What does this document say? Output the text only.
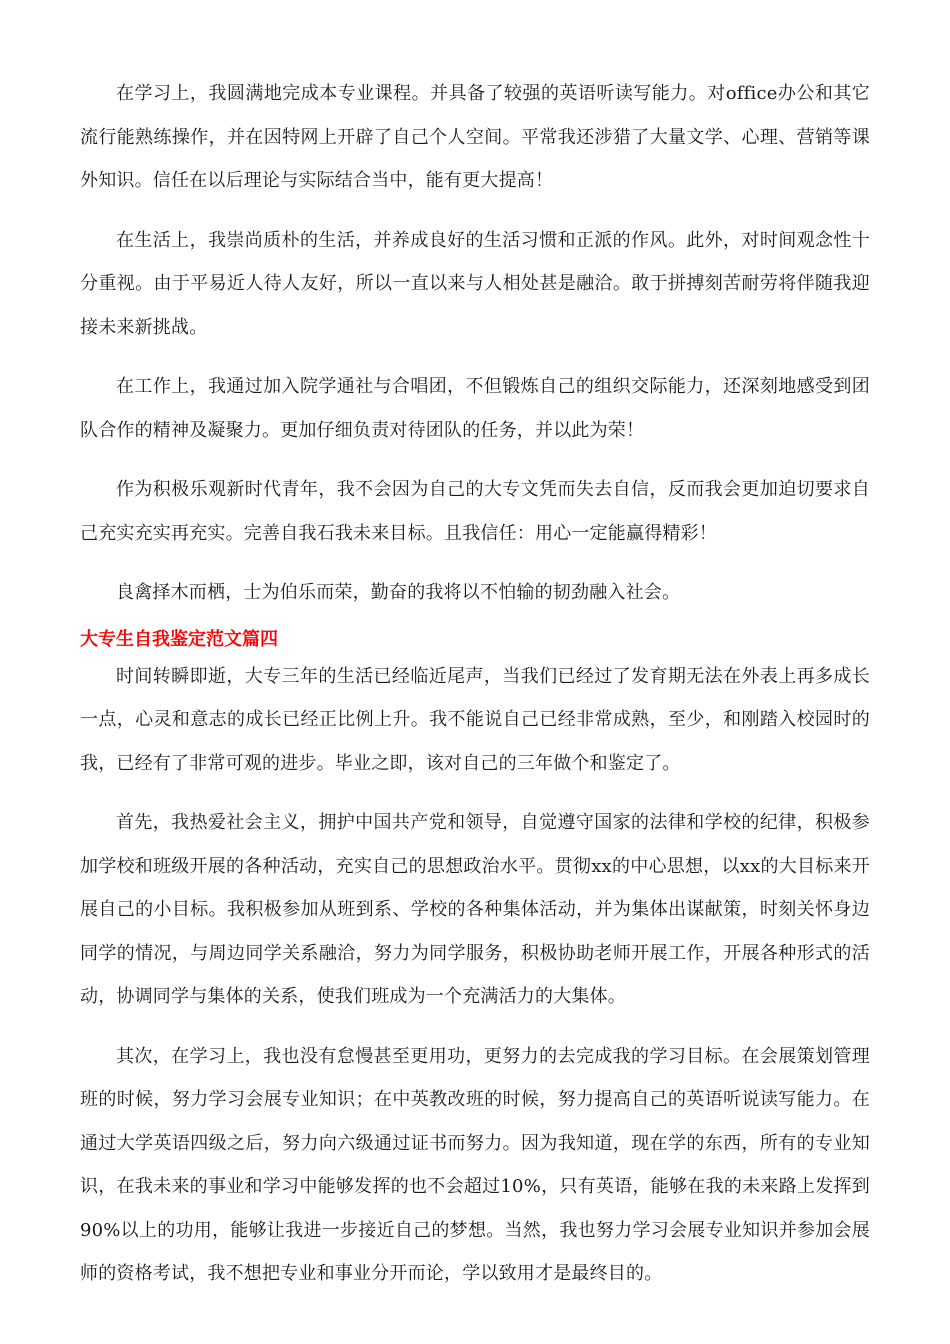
在学习上，我圆满地完成本专业课程。并具备了较强的英语听读写能力。对office办公和其它流行能熟练操作，并在因特网上开辟了自己个人空间。平常我还涉猎了大量文学、心理、营销等课外知识。信任在以后理论与实际结合当中，能有更大提高！

在生活上，我崇尚质朴的生活，并养成良好的生活习惯和正派的作风。此外，对时间观念性十分重视。由于平易近人待人友好，所以一直以来与人相处甚是融洽。敢于拼搏刻苦耐劳将伴随我迎接未来新挑战。

在工作上，我通过加入院学通社与合唱团，不但锻炼自己的组织交际能力，还深刻地感受到团队合作的精神及凝聚力。更加仔细负责对待团队的任务，并以此为荣！

作为积极乐观新时代青年，我不会因为自己的大专文凭而失去自信，反而我会更加迫切要求自己充实充实再充实。完善自我石我未来目标。且我信任：用心一定能赢得精彩！

良禽择木而栖，士为伯乐而荣，勤奋的我将以不怕输的韧劲融入社会。

大专生自我鉴定范文篇四

时间转瞬即逝，大专三年的生活已经临近尾声，当我们已经过了发育期无法在外表上再多成长一点，心灵和意志的成长已经正比例上升。我不能说自己已经非常成熟，至少，和刚踏入校园时的我，已经有了非常可观的进步。毕业之即，该对自己的三年做个和鉴定了。

首先，我热爱社会主义，拥护中国共产党和领导，自觉遵守国家的法律和学校的纪律，积极参加学校和班级开展的各种活动，充实自己的思想政治水平。贯彻xx的中心思想，以xx的大目标来开展自己的小目标。我积极参加从班到系、学校的各种集体活动，并为集体出谋献策，时刻关怀身边同学的情况，与周边同学关系融洽，努力为同学服务，积极协助老师开展工作，开展各种形式的活动，协调同学与集体的关系，使我们班成为一个充满活力的大集体。

其次，在学习上，我也没有怠慢甚至更用功，更努力的去完成我的学习目标。在会展策划管理班的时候，努力学习会展专业知识；在中英教改班的时候，努力提高自己的英语听说读写能力。在通过大学英语四级之后，努力向六级通过证书而努力。因为我知道，现在学的东西，所有的专业知识，在我未来的事业和学习中能够发挥的也不会超过10%，只有英语，能够在我的未来路上发挥到90%以上的功用，能够让我进一步接近自己的梦想。当然，我也努力学习会展专业知识并参加会展师的资格考试，我不想把专业和事业分开而论，学以致用才是最终目的。
